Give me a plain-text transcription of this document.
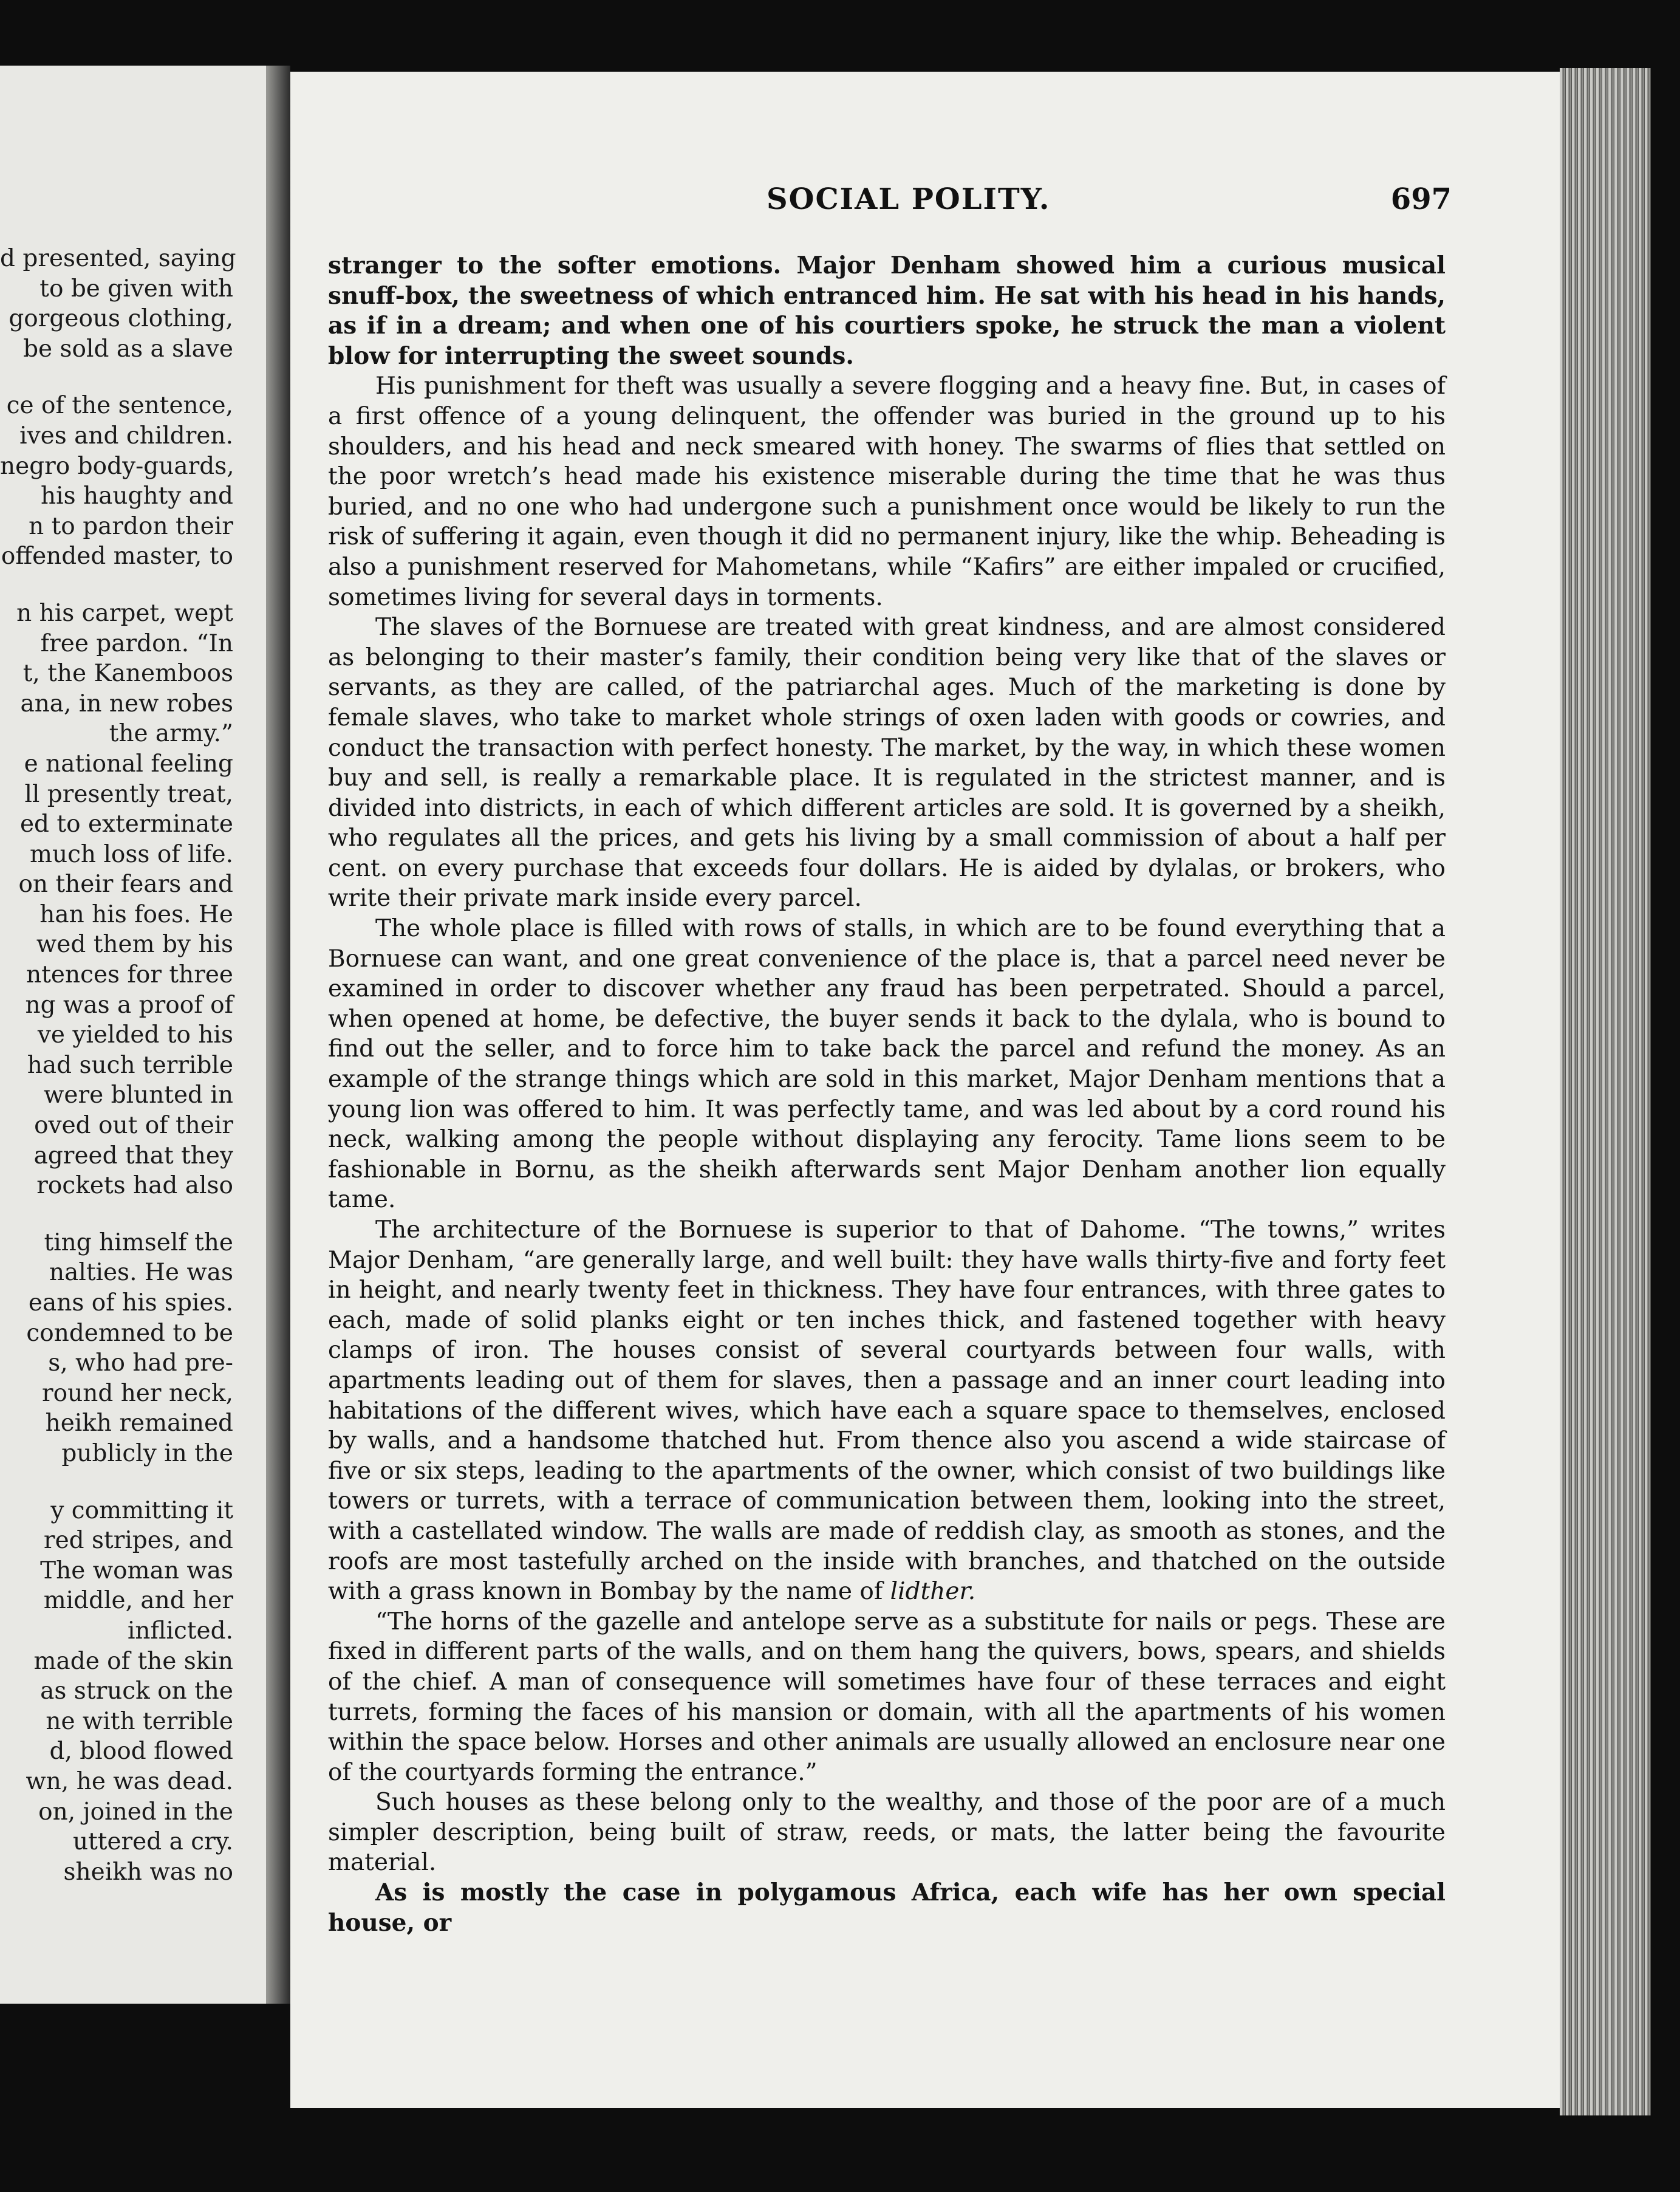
d presented, saying
to be given with
gorgeous clothing,
be sold as a slave
ce of the sentence,
ives and children.
negro body-guards,
his haughty and
n to pardon their
offended master, to
n his carpet, wept
free pardon. “In
t, the Kanemboos
ana, in new robes
the army.”
e national feeling
ll presently treat,
ed to exterminate
much loss of life.
on their fears and
han his foes. He
wed them by his
ntences for three
ng was a proof of
ve yielded to his
had such terrible
were blunted in
oved out of their
agreed that they
rockets had also
ting himself the
nalties. He was
eans of his spies.
condemned to be
s, who had pre-
round her neck,
heikh remained
publicly in the
y committing it
red stripes, and
The woman was
middle, and her
inflicted.
made of the skin
as struck on the
ne with terrible
d, blood flowed
wn, he was dead.
on, joined in the
uttered a cry.
sheikh was no
SOCIAL POLITY.	697

stranger to the softer emotions. Major Denham showed him a curious musical snuff-box, the sweetness of which entranced him. He sat with his head in his hands, as if in a dream; and when one of his courtiers spoke, he struck the man a violent blow for interrupting the sweet sounds.

His punishment for theft was usually a severe flogging and a heavy fine. But, in cases of a first offence of a young delinquent, the offender was buried in the ground up to his shoulders, and his head and neck smeared with honey. The swarms of flies that settled on the poor wretch’s head made his existence miserable during the time that he was thus buried, and no one who had undergone such a punishment once would be likely to run the risk of suffering it again, even though it did no permanent injury, like the whip. Beheading is also a punishment reserved for Mahometans, while “Kafirs” are either impaled or crucified, sometimes living for several days in torments.

The slaves of the Bornuese are treated with great kindness, and are almost considered as belonging to their master’s family, their condition being very like that of the slaves or servants, as they are called, of the patriarchal ages. Much of the marketing is done by female slaves, who take to market whole strings of oxen laden with goods or cowries, and conduct the transaction with perfect honesty. The market, by the way, in which these women buy and sell, is really a remarkable place. It is regulated in the strictest manner, and is divided into districts, in each of which different articles are sold. It is governed by a sheikh, who regulates all the prices, and gets his living by a small commission of about a half per cent. on every purchase that exceeds four dollars. He is aided by dylalas, or brokers, who write their private mark inside every parcel.

The whole place is filled with rows of stalls, in which are to be found everything that a Bornuese can want, and one great convenience of the place is, that a parcel need never be examined in order to discover whether any fraud has been perpetrated. Should a parcel, when opened at home, be defective, the buyer sends it back to the dylala, who is bound to find out the seller, and to force him to take back the parcel and refund the money. As an example of the strange things which are sold in this market, Major Denham mentions that a young lion was offered to him. It was perfectly tame, and was led about by a cord round his neck, walking among the people without displaying any ferocity. Tame lions seem to be fashionable in Bornu, as the sheikh afterwards sent Major Denham another lion equally tame.

The architecture of the Bornuese is superior to that of Dahome. “The towns,” writes Major Denham, “are generally large, and well built: they have walls thirty-five and forty feet in height, and nearly twenty feet in thickness. They have four entrances, with three gates to each, made of solid planks eight or ten inches thick, and fastened together with heavy clamps of iron. The houses consist of several courtyards between four walls, with apartments leading out of them for slaves, then a passage and an inner court leading into habitations of the different wives, which have each a square space to themselves, enclosed by walls, and a handsome thatched hut. From thence also you ascend a wide staircase of five or six steps, leading to the apartments of the owner, which consist of two buildings like towers or turrets, with a terrace of communication between them, looking into the street, with a castellated window. The walls are made of reddish clay, as smooth as stones, and the roofs are most tastefully arched on the inside with branches, and thatched on the outside with a grass known in Bombay by the name of lidther.

“The horns of the gazelle and antelope serve as a substitute for nails or pegs. These are fixed in different parts of the walls, and on them hang the quivers, bows, spears, and shields of the chief. A man of consequence will sometimes have four of these terraces and eight turrets, forming the faces of his mansion or domain, with all the apartments of his women within the space below. Horses and other animals are usually allowed an enclosure near one of the courtyards forming the entrance.”

Such houses as these belong only to the wealthy, and those of the poor are of a much simpler description, being built of straw, reeds, or mats, the latter being the favourite material.

As is mostly the case in polygamous Africa, each wife has her own special house, or
